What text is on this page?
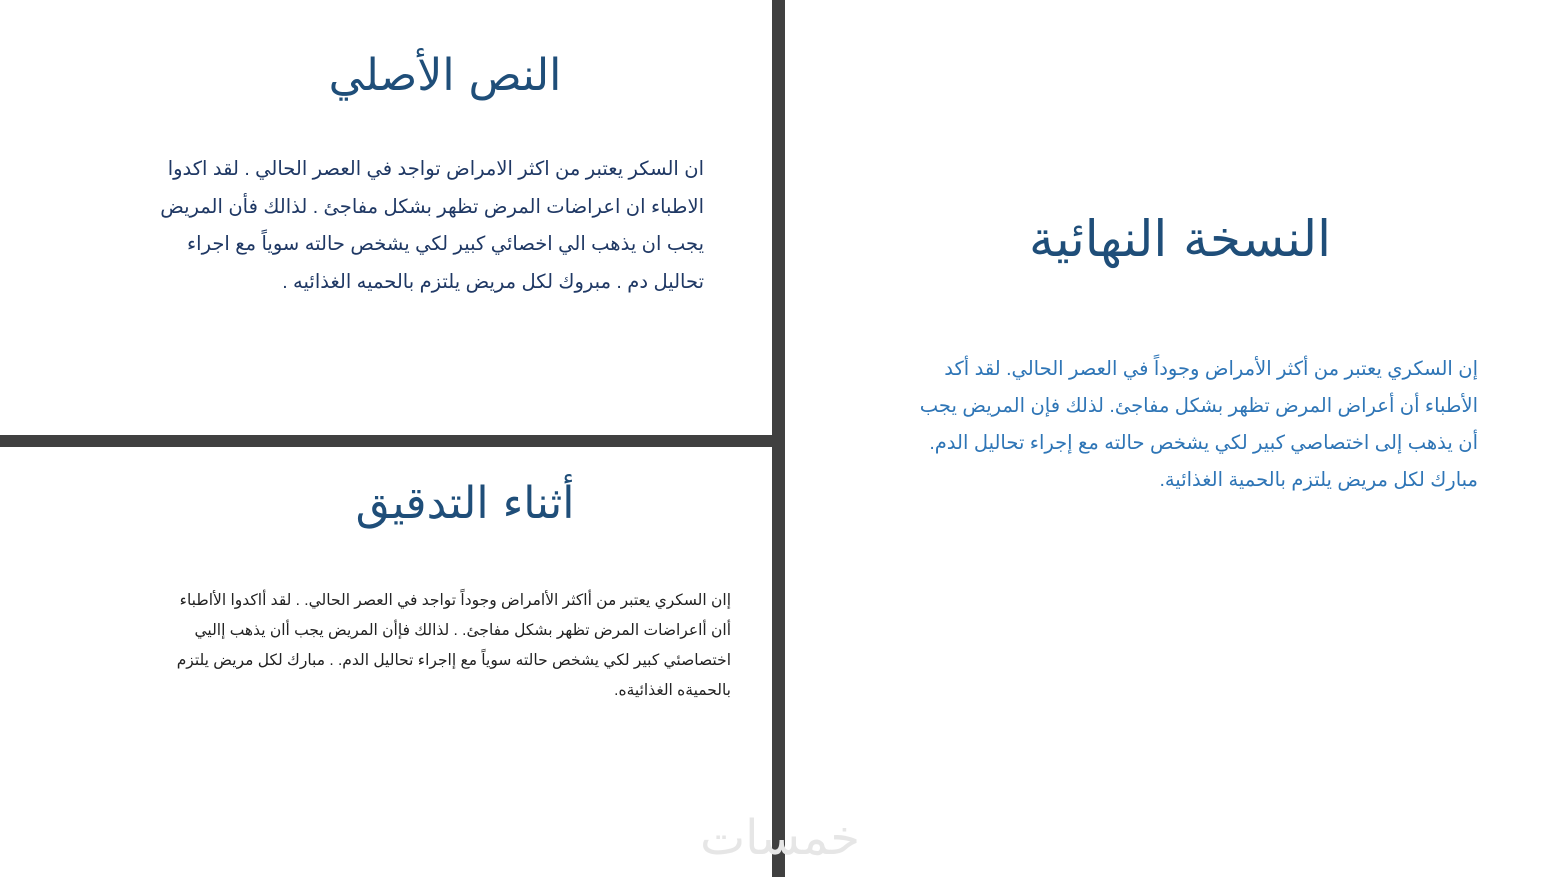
النص الأصلي
ان السكر يعتبر من اكثر الامراض تواجد في العصر الحالي . لقد اكدوا
الاطباء ان اعراضات المرض تظهر بشكل مفاجئ . لذالك فأن المريض
يجب ان يذهب الي اخصائي كبير لكي يشخص حالته سوياً مع اجراء
تحاليل دم . مبروك لكل مريض يلتزم بالحميه الغذائيه .
النسخة النهائية
إن السكري يعتبر من أكثر الأمراض وجوداً في العصر الحالي. لقد أكد
الأطباء أن أعراض المرض تظهر بشكل مفاجئ. لذلك فإن المريض يجب
أن يذهب إلى اختصاصي كبير لكي يشخص حالته مع إجراء تحاليل الدم.
مبارك لكل مريض يلتزم بالحمية الغذائية.
أثناء التدقيق
إان السكري يعتبر من أاكثر الأامراض وجوداً تواجد في العصر الحالي. . لقد أاكدوا الأاطباء
أان أاعراضات المرض تظهر بشكل مفاجئ. . لذالك فإأن المريض يجب أان يذهب إاليي
اختصاصئي كبير لكي يشخص حالته سوياً مع إاجراء تحاليل الدم. . مبارك لكل مريض يلتزم
بالحميةه الغذائيةه.
خمسات
